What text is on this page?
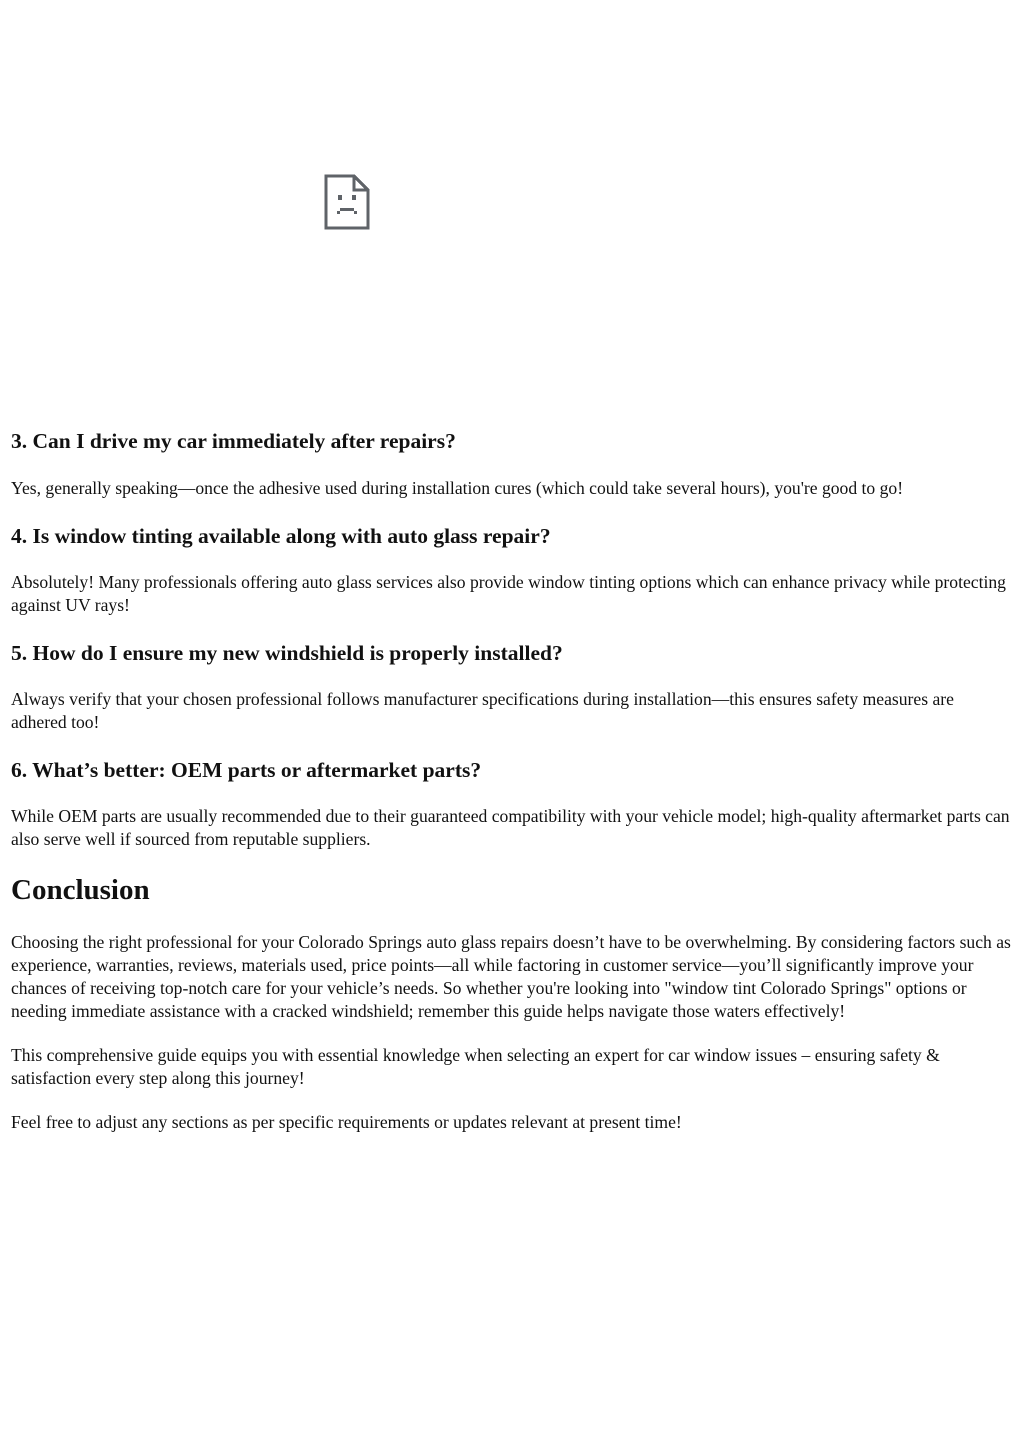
3. Can I drive my car immediately after repairs?

Yes, generally speaking—once the adhesive used during installation cures (which could take several hours), you're good to go!

4. Is window tinting available along with auto glass repair?

Absolutely! Many professionals offering auto glass services also provide window tinting options which can enhance privacy while protecting against UV rays!

5. How do I ensure my new windshield is properly installed?

Always verify that your chosen professional follows manufacturer specifications during installation—this ensures safety measures are adhered too!

6. What’s better: OEM parts or aftermarket parts?

While OEM parts are usually recommended due to their guaranteed compatibility with your vehicle model; high-quality aftermarket parts can also serve well if sourced from reputable suppliers.

Conclusion

Choosing the right professional for your Colorado Springs auto glass repairs doesn’t have to be overwhelming. By considering factors such as experience, warranties, reviews, materials used, price points—all while factoring in customer service—you’ll significantly improve your chances of receiving top-notch care for your vehicle’s needs. So whether you're looking into "window tint Colorado Springs" options or needing immediate assistance with a cracked windshield; remember this guide helps navigate those waters effectively!

This comprehensive guide equips you with essential knowledge when selecting an expert for car window issues – ensuring safety & satisfaction every step along this journey!

Feel free to adjust any sections as per specific requirements or updates relevant at present time!
